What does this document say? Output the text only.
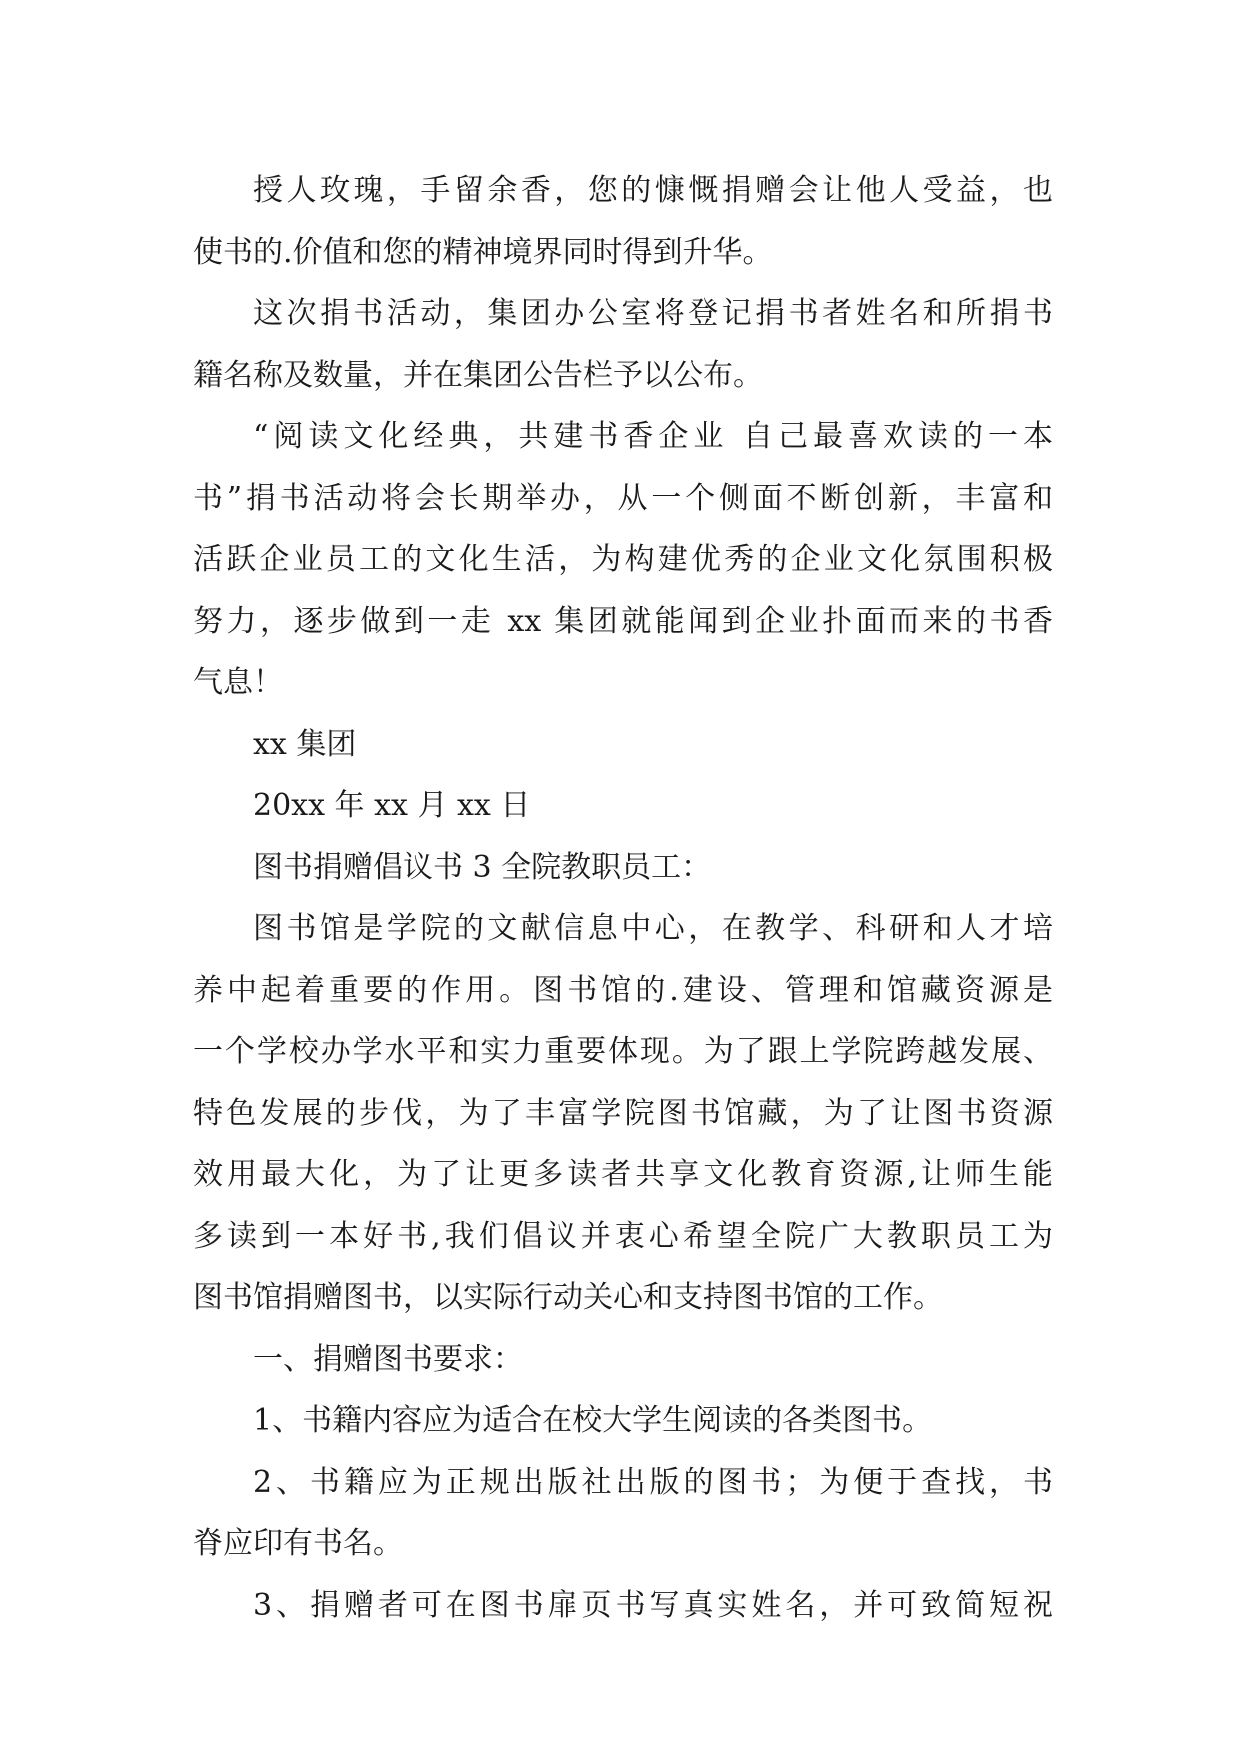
授人玫瑰，手留余香，您的慷慨捐赠会让他人受益，也
使书的.价值和您的精神境界同时得到升华。
这次捐书活动，集团办公室将登记捐书者姓名和所捐书
籍名称及数量，并在集团公告栏予以公布。
“阅读文化经典，共建书香企业 自己最喜欢读的一本
书”捐书活动将会长期举办，从一个侧面不断创新，丰富和
活跃企业员工的文化生活，为构建优秀的企业文化氛围积极
努力，逐步做到一走 xx 集团就能闻到企业扑面而来的书香
气息！
xx 集团
20xx 年 xx 月 xx 日
图书捐赠倡议书 3 全院教职员工：
图书馆是学院的文献信息中心，在教学、科研和人才培
养中起着重要的作用。图书馆的.建设、管理和馆藏资源是
一个学校办学水平和实力重要体现。为了跟上学院跨越发展、
特色发展的步伐，为了丰富学院图书馆藏，为了让图书资源
效用最大化，为了让更多读者共享文化教育资源,让师生能
多读到一本好书,我们倡议并衷心希望全院广大教职员工为
图书馆捐赠图书，以实际行动关心和支持图书馆的工作。
一、捐赠图书要求：
1、书籍内容应为适合在校大学生阅读的各类图书。
2、书籍应为正规出版社出版的图书；为便于查找，书
脊应印有书名。
3、捐赠者可在图书扉页书写真实姓名，并可致简短祝
